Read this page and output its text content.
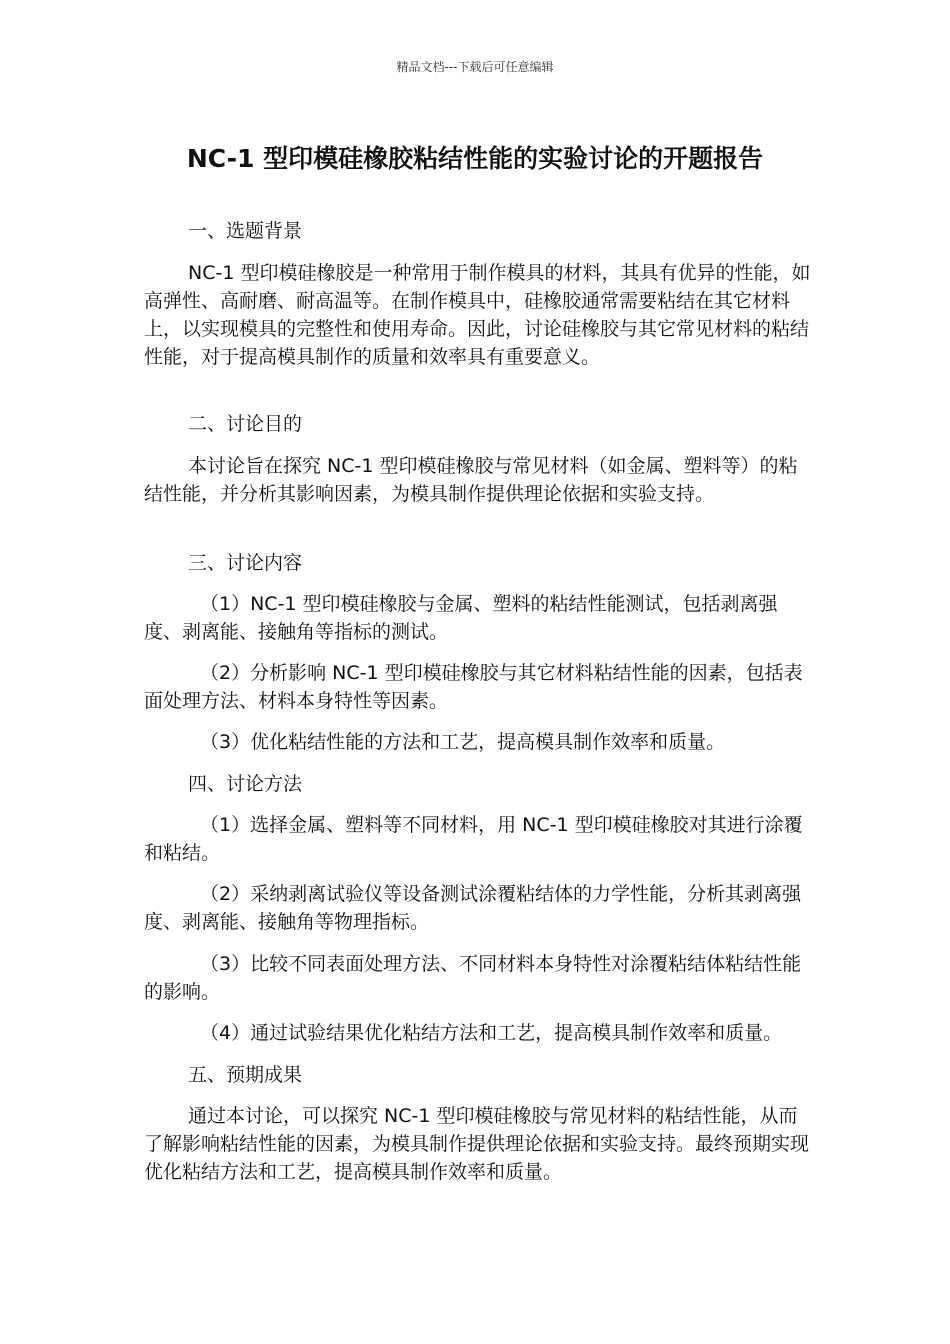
精品文档---下载后可任意编辑
NC-1 型印模硅橡胶粘结性能的实验讨论的开题报告
一、选题背景

NC-1 型印模硅橡胶是一种常用于制作模具的材料，其具有优异的性能，如高弹性、高耐磨、耐高温等。在制作模具中，硅橡胶通常需要粘结在其它材料上，以实现模具的完整性和使用寿命。因此，讨论硅橡胶与其它常见材料的粘结性能，对于提高模具制作的质量和效率具有重要意义。

二、讨论目的

本讨论旨在探究 NC-1 型印模硅橡胶与常见材料（如金属、塑料等）的粘结性能，并分析其影响因素，为模具制作提供理论依据和实验支持。

三、讨论内容

（1）NC-1 型印模硅橡胶与金属、塑料的粘结性能测试，包括剥离强度、剥离能、接触角等指标的测试。

（2）分析影响 NC-1 型印模硅橡胶与其它材料粘结性能的因素，包括表面处理方法、材料本身特性等因素。

（3）优化粘结性能的方法和工艺，提高模具制作效率和质量。

四、讨论方法

（1）选择金属、塑料等不同材料，用 NC-1 型印模硅橡胶对其进行涂覆和粘结。

（2）采纳剥离试验仪等设备测试涂覆粘结体的力学性能，分析其剥离强度、剥离能、接触角等物理指标。

（3）比较不同表面处理方法、不同材料本身特性对涂覆粘结体粘结性能的影响。

（4）通过试验结果优化粘结方法和工艺，提高模具制作效率和质量。

五、预期成果

通过本讨论，可以探究 NC-1 型印模硅橡胶与常见材料的粘结性能，从而了解影响粘结性能的因素，为模具制作提供理论依据和实验支持。最终预期实现优化粘结方法和工艺，提高模具制作效率和质量。
